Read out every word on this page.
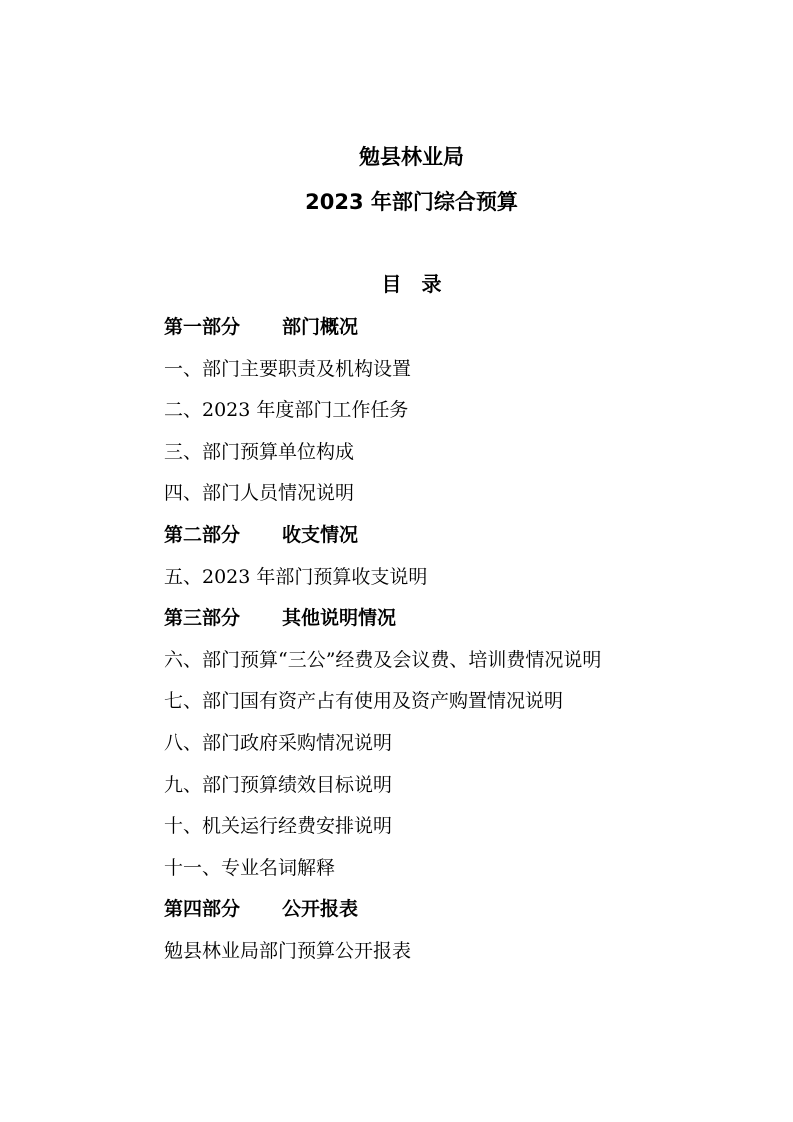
勉县林业局
2023 年部门综合预算
目 录
第一部分 部门概况
一、部门主要职责及机构设置
二、2023 年度部门工作任务
三、部门预算单位构成
四、部门人员情况说明
第二部分 收支情况
五、2023 年部门预算收支说明
第三部分 其他说明情况
六、部门预算“三公”经费及会议费、培训费情况说明
七、部门国有资产占有使用及资产购置情况说明
八、部门政府采购情况说明
九、部门预算绩效目标说明
十、机关运行经费安排说明
十一、专业名词解释
第四部分 公开报表
勉县林业局部门预算公开报表
